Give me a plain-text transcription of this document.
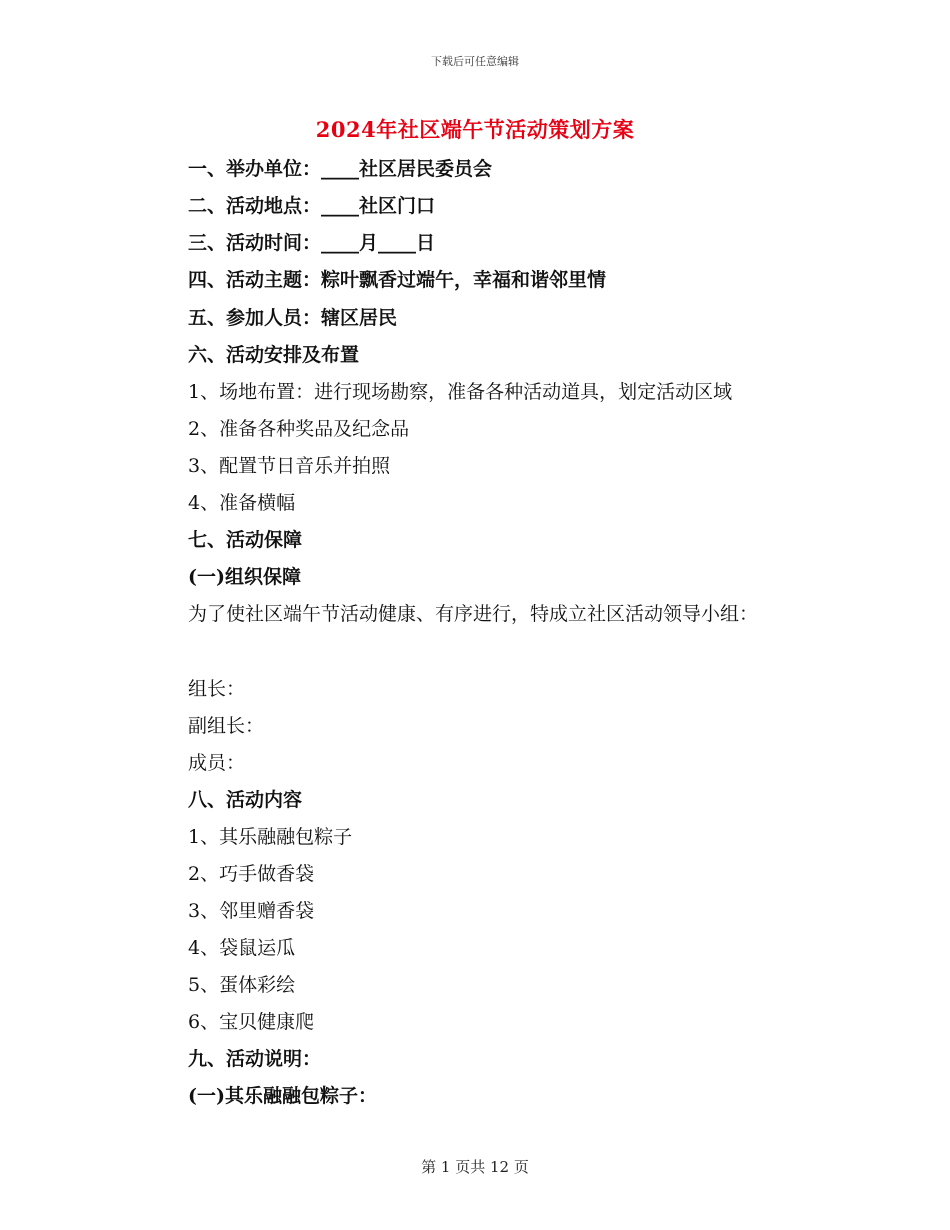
下载后可任意编辑
2024年社区端午节活动策划方案
一、举办单位：____社区居民委员会
二、活动地点：____社区门口
三、活动时间：____月____日
四、活动主题：粽叶飘香过端午，幸福和谐邻里情
五、参加人员：辖区居民
六、活动安排及布置
1、场地布置：进行现场勘察，准备各种活动道具，划定活动区域
2、准备各种奖品及纪念品
3、配置节日音乐并拍照
4、准备横幅
七、活动保障
(一)组织保障
为了使社区端午节活动健康、有序进行，特成立社区活动领导小组：
组长：
副组长：
成员：
八、活动内容
1、其乐融融包粽子
2、巧手做香袋
3、邻里赠香袋
4、袋鼠运瓜
5、蛋体彩绘
6、宝贝健康爬
九、活动说明：
(一)其乐融融包粽子：
第 1 页共 12 页
